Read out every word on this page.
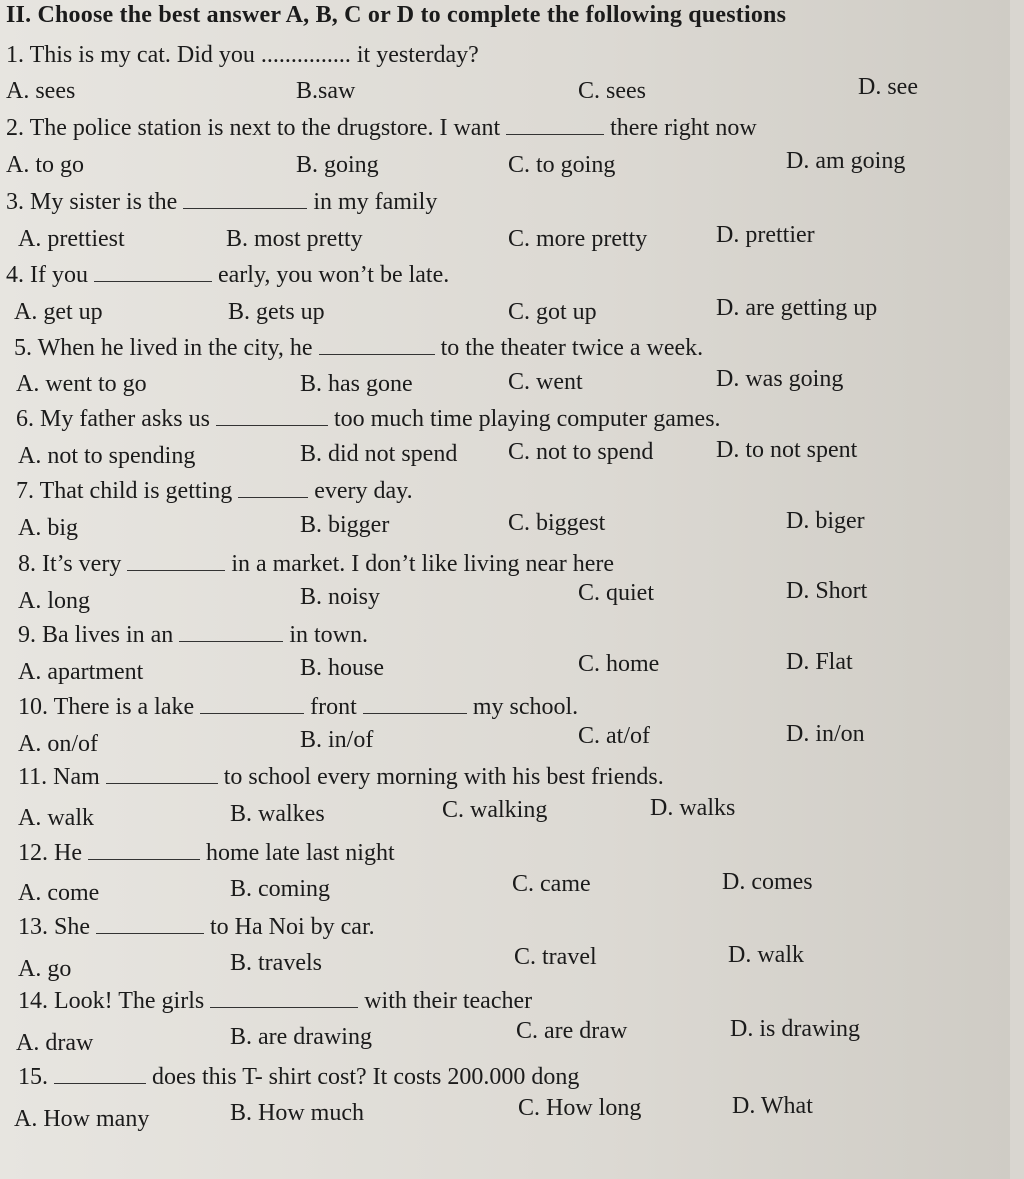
II. Choose the best answer A, B, C or D to complete the following questions
1. This is my cat. Did you ............... it yesterday?
A. sees	B.saw	C. sees	D. see
2. The police station is next to the drugstore. I want	there right now
A. to go	B. going	C. to going	D. am going
3. My sister is the	in my family
A. prettiest	B. most pretty	C. more pretty	D. prettier
4. If you	early, you won’t be late.
A. get up	B. gets up	C. got up	D. are getting up
5. When he lived in the city, he	to the theater twice a week.
A. went to go	B. has gone	C. went	D. was going
6. My father asks us	too much time playing computer games.
A. not to spending	B. did not spend C. not to spend	D. to not spent
7. That child is getting	every day.
A. big	B. bigger	C. biggest	D. biger
8. It’s very	in a market. I don’t like living near here
A. long	B. noisy	C. quiet	D. Short
9. Ba lives in an	in town.
A. apartment	B. house	C. home	D. Flat
10. There is a lake	front	my school.
A. on/of	B. in/of	C. at/of	D. in/on
11. Nam	to school every morning with his best friends.
A. walk	B. walkes	C. walking	D. walks
12. He	home late last night
A. come	B. coming	C. came	D. comes
13. She	to Ha Noi by car.
A. go	B. travels	C. travel	D. walk
14. Look! The girls	with their teacher
A. draw	B. are drawing	C. are draw	D. is drawing
15.	does this T- shirt cost? It costs 200.000 dong
A. How many	B. How much	C. How long	D. What
